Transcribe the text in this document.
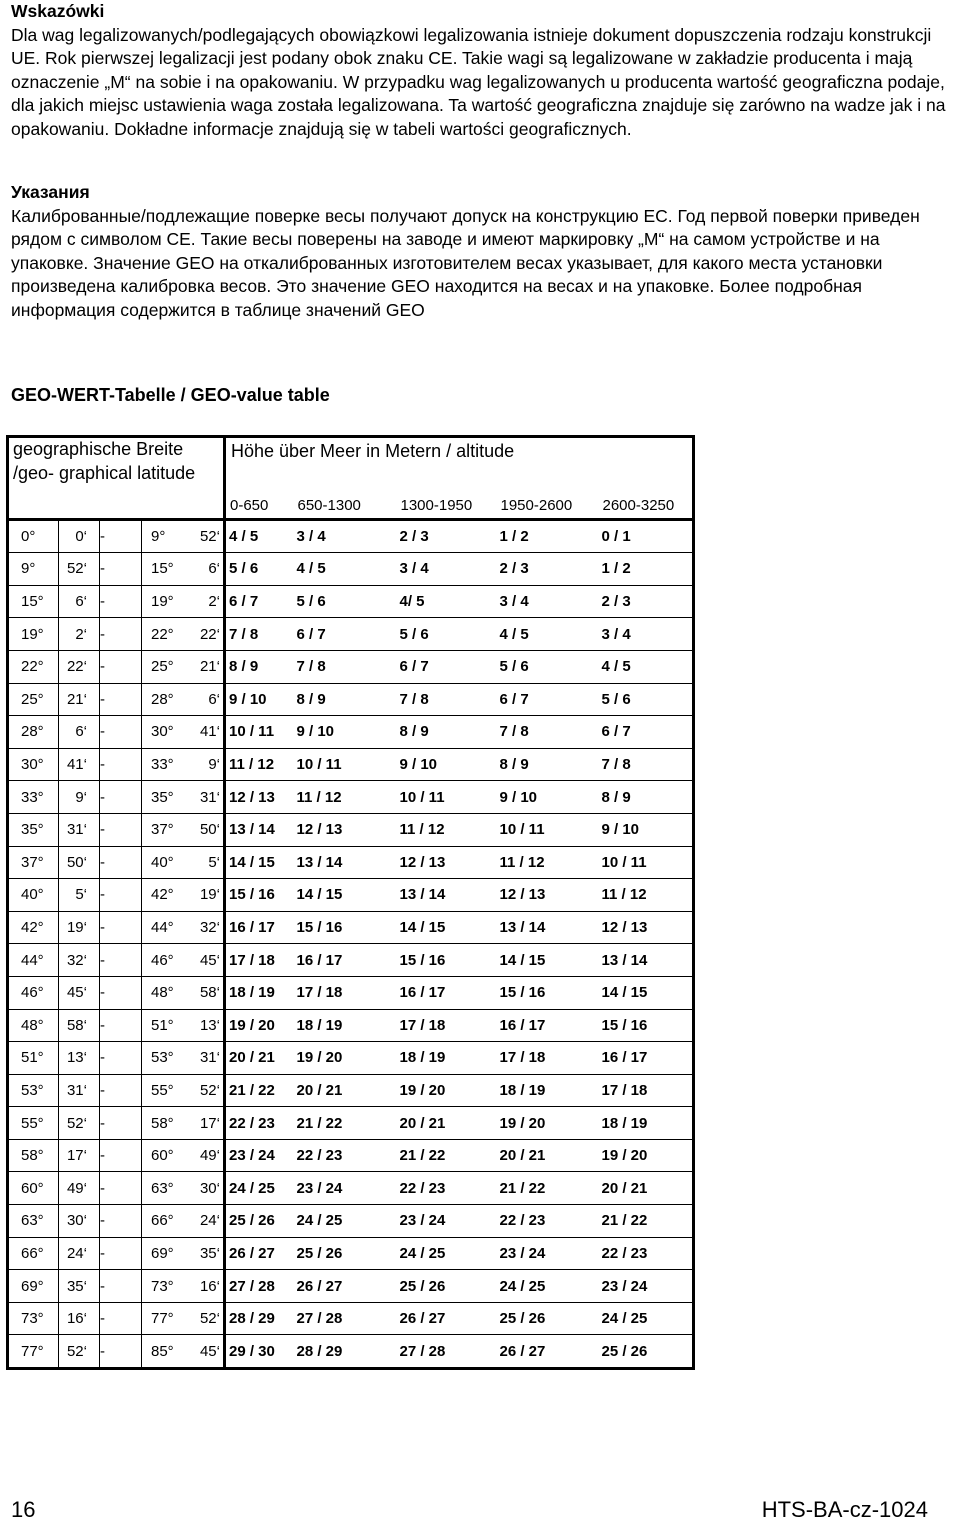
Wskazówki

Dla wag legalizowanych/podlegających obowiązkowi legalizowania istnieje dokument dopuszczenia rodzaju konstrukcji UE. Rok pierwszej legalizacji jest podany obok znaku CE. Takie wagi są legalizowane w zakładzie producenta i mają oznaczenie „M“ na sobie i na opakowaniu. W przypadku wag legalizowanych u producenta wartość geograficzna podaje, dla jakich miejsc ustawienia waga została legalizowana. Ta wartość geograficzna znajduje się zarówno na wadze jak i na opakowaniu. Dokładne informacje znajdują się w tabeli wartości geograficznych.

Указания

Калиброванные/подлежащие поверке весы получают допуск на конструкцию ЕС. Год первой поверки приведен рядом с символом CE. Такие весы поверены на заводе и имеют маркировку „М“ на самом устройстве и на упаковке. Значение GEO на откалиброванных изготовителем весах указывает, для какого места установки произведена калибровка весов. Это значение GEO находится на весах и на упаковке. Более подробная информация содержится в таблице значений GEO

GEO-WERT-Tabelle / GEO-value table
geographische Breite /geo- graphical latitude					Höhe über Meer in Metern / altitude				
					0-650	650-1300	1300-1950	1950-2600	2600-3250
0°	0‘	-	9°	52‘	4 / 5	3 / 4	2 / 3	1 / 2	0 / 1
9°	52‘	-	15°	6‘	5 / 6	4 / 5	3 / 4	2 / 3	1 / 2
15°	6‘	-	19°	2‘	6 / 7	5 / 6	4/ 5	3 / 4	2 / 3
19°	2‘	-	22°	22‘	7 / 8	6 / 7	5 / 6	4 / 5	3 / 4
22°	22‘	-	25°	21‘	8 / 9	7 / 8	6 / 7	5 / 6	4 / 5
25°	21‘	-	28°	6‘	9 / 10	8 / 9	7 / 8	6 / 7	5 / 6
28°	6‘	-	30°	41‘	10 / 11	9 / 10	8 / 9	7 / 8	6 / 7
30°	41‘	-	33°	9‘	11 / 12	10 / 11	9 / 10	8 / 9	7 / 8
33°	9‘	-	35°	31‘	12 / 13	11 / 12	10 / 11	9 / 10	8 / 9
35°	31‘	-	37°	50‘	13 / 14	12 / 13	11 / 12	10 / 11	9 / 10
37°	50‘	-	40°	5‘	14 / 15	13 / 14	12 / 13	11 / 12	10 / 11
40°	5‘	-	42°	19‘	15 / 16	14 / 15	13 / 14	12 / 13	11 / 12
42°	19‘	-	44°	32‘	16 / 17	15 / 16	14 / 15	13 / 14	12 / 13
44°	32‘	-	46°	45‘	17 / 18	16 / 17	15 / 16	14 / 15	13 / 14
46°	45‘	-	48°	58‘	18 / 19	17 / 18	16 / 17	15 / 16	14 / 15
48°	58‘	-	51°	13‘	19 / 20	18 / 19	17 / 18	16 / 17	15 / 16
51°	13‘	-	53°	31‘	20 / 21	19 / 20	18 / 19	17 / 18	16 / 17
53°	31‘	-	55°	52‘	21 / 22	20 / 21	19 / 20	18 / 19	17 / 18
55°	52‘	-	58°	17‘	22 / 23	21 / 22	20 / 21	19 / 20	18 / 19
58°	17‘	-	60°	49‘	23 / 24	22 / 23	21 / 22	20 / 21	19 / 20
60°	49‘	-	63°	30‘	24 / 25	23 / 24	22 / 23	21 / 22	20 / 21
63°	30‘	-	66°	24‘	25 / 26	24 / 25	23 / 24	22 / 23	21 / 22
66°	24‘	-	69°	35‘	26 / 27	25 / 26	24 / 25	23 / 24	22 / 23
69°	35‘	-	73°	16‘	27 / 28	26 / 27	25 / 26	24 / 25	23 / 24
73°	16‘	-	77°	52‘	28 / 29	27 / 28	26 / 27	25 / 26	24 / 25
77°	52‘	-	85°	45‘	29 / 30	28 / 29	27 / 28	26 / 27	25 / 26
16	HTS-BA-cz-1024
